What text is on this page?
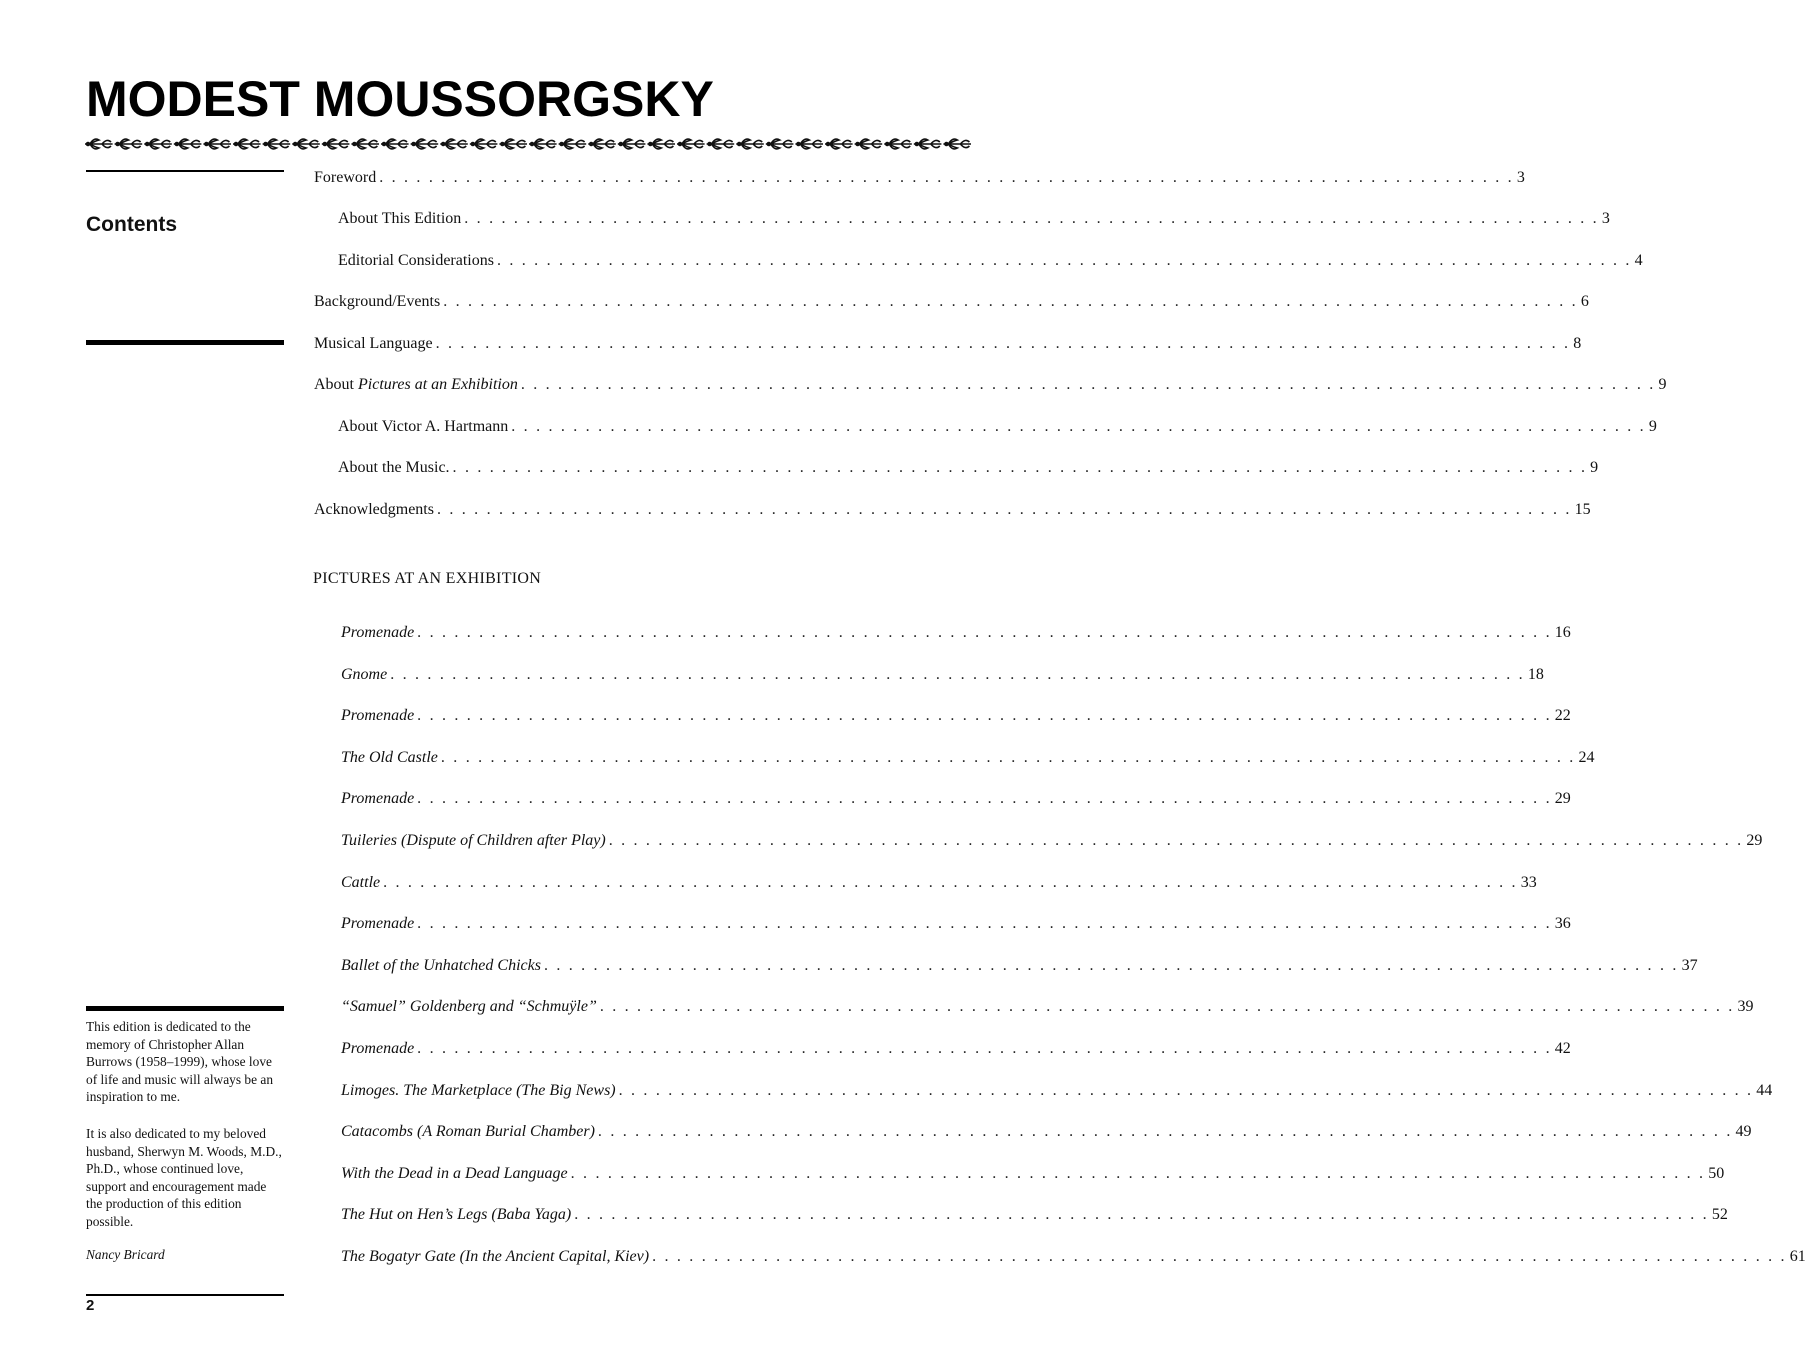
MODEST MOUSSORGSKY
Contents
Foreword . . . . . . . . . . . . . . . . . . . . . . . . . . . . . . . . . . . . . . . . . . . . . . . . . . . . . . . . . . . . . . . . . . . . . . . . . . . . . . . . . . . . . . . . . . . . 3
About This Edition . . . . . . . . . . . . . . . . . . . . . . . . . . . . . . . . . . . . . . . . . . . . . . . . . . . . . . . . . . . . . . . . . . . . . . . . . . . . . . . . . . . . . . . . . . . . 3
Editorial Considerations . . . . . . . . . . . . . . . . . . . . . . . . . . . . . . . . . . . . . . . . . . . . . . . . . . . . . . . . . . . . . . . . . . . . . . . . . . . . . . . . . . . . . . . . . . . . 4
Background/Events . . . . . . . . . . . . . . . . . . . . . . . . . . . . . . . . . . . . . . . . . . . . . . . . . . . . . . . . . . . . . . . . . . . . . . . . . . . . . . . . . . . . . . . . . . . . 6
Musical Language . . . . . . . . . . . . . . . . . . . . . . . . . . . . . . . . . . . . . . . . . . . . . . . . . . . . . . . . . . . . . . . . . . . . . . . . . . . . . . . . . . . . . . . . . . . . 8
About Pictures at an Exhibition . . . . . . . . . . . . . . . . . . . . . . . . . . . . . . . . . . . . . . . . . . . . . . . . . . . . . . . . . . . . . . . . . . . . . . . . . . . . . . . . . . . . . . . . . . . . 9
About Victor A. Hartmann . . . . . . . . . . . . . . . . . . . . . . . . . . . . . . . . . . . . . . . . . . . . . . . . . . . . . . . . . . . . . . . . . . . . . . . . . . . . . . . . . . . . . . . . . . . . 9
About the Music. . . . . . . . . . . . . . . . . . . . . . . . . . . . . . . . . . . . . . . . . . . . . . . . . . . . . . . . . . . . . . . . . . . . . . . . . . . . . . . . . . . . . . . . . . . . . 9
Acknowledgments . . . . . . . . . . . . . . . . . . . . . . . . . . . . . . . . . . . . . . . . . . . . . . . . . . . . . . . . . . . . . . . . . . . . . . . . . . . . . . . . . . . . . . . . . . . . 15
PICTURES AT AN EXHIBITION
Promenade . . . . . . . . . . . . . . . . . . . . . . . . . . . . . . . . . . . . . . . . . . . . . . . . . . . . . . . . . . . . . . . . . . . . . . . . . . . . . . . . . . . . . . . . . . . . 16
Gnome . . . . . . . . . . . . . . . . . . . . . . . . . . . . . . . . . . . . . . . . . . . . . . . . . . . . . . . . . . . . . . . . . . . . . . . . . . . . . . . . . . . . . . . . . . . . 18
Promenade . . . . . . . . . . . . . . . . . . . . . . . . . . . . . . . . . . . . . . . . . . . . . . . . . . . . . . . . . . . . . . . . . . . . . . . . . . . . . . . . . . . . . . . . . . . . 22
The Old Castle . . . . . . . . . . . . . . . . . . . . . . . . . . . . . . . . . . . . . . . . . . . . . . . . . . . . . . . . . . . . . . . . . . . . . . . . . . . . . . . . . . . . . . . . . . . . 24
Promenade . . . . . . . . . . . . . . . . . . . . . . . . . . . . . . . . . . . . . . . . . . . . . . . . . . . . . . . . . . . . . . . . . . . . . . . . . . . . . . . . . . . . . . . . . . . . 29
Tuileries (Dispute of Children after Play) . . . . . . . . . . . . . . . . . . . . . . . . . . . . . . . . . . . . . . . . . . . . . . . . . . . . . . . . . . . . . . . . . . . . . . . . . . . . . . . . . . . . . . . . . . . . 29
Cattle . . . . . . . . . . . . . . . . . . . . . . . . . . . . . . . . . . . . . . . . . . . . . . . . . . . . . . . . . . . . . . . . . . . . . . . . . . . . . . . . . . . . . . . . . . . . 33
Promenade . . . . . . . . . . . . . . . . . . . . . . . . . . . . . . . . . . . . . . . . . . . . . . . . . . . . . . . . . . . . . . . . . . . . . . . . . . . . . . . . . . . . . . . . . . . . 36
Ballet of the Unhatched Chicks . . . . . . . . . . . . . . . . . . . . . . . . . . . . . . . . . . . . . . . . . . . . . . . . . . . . . . . . . . . . . . . . . . . . . . . . . . . . . . . . . . . . . . . . . . . . 37
“Samuel” Goldenberg and “Schmuÿle” . . . . . . . . . . . . . . . . . . . . . . . . . . . . . . . . . . . . . . . . . . . . . . . . . . . . . . . . . . . . . . . . . . . . . . . . . . . . . . . . . . . . . . . . . . . . 39
Promenade . . . . . . . . . . . . . . . . . . . . . . . . . . . . . . . . . . . . . . . . . . . . . . . . . . . . . . . . . . . . . . . . . . . . . . . . . . . . . . . . . . . . . . . . . . . . 42
Limoges. The Marketplace (The Big News) . . . . . . . . . . . . . . . . . . . . . . . . . . . . . . . . . . . . . . . . . . . . . . . . . . . . . . . . . . . . . . . . . . . . . . . . . . . . . . . . . . . . . . . . . . . . 44
Catacombs (A Roman Burial Chamber) . . . . . . . . . . . . . . . . . . . . . . . . . . . . . . . . . . . . . . . . . . . . . . . . . . . . . . . . . . . . . . . . . . . . . . . . . . . . . . . . . . . . . . . . . . . . 49
With the Dead in a Dead Language . . . . . . . . . . . . . . . . . . . . . . . . . . . . . . . . . . . . . . . . . . . . . . . . . . . . . . . . . . . . . . . . . . . . . . . . . . . . . . . . . . . . . . . . . . . . 50
The Hut on Hen’s Legs (Baba Yaga) . . . . . . . . . . . . . . . . . . . . . . . . . . . . . . . . . . . . . . . . . . . . . . . . . . . . . . . . . . . . . . . . . . . . . . . . . . . . . . . . . . . . . . . . . . . . 52
The Bogatyr Gate (In the Ancient Capital, Kiev) . . . . . . . . . . . . . . . . . . . . . . . . . . . . . . . . . . . . . . . . . . . . . . . . . . . . . . . . . . . . . . . . . . . . . . . . . . . . . . . . . . . . . . . . . . . . 61
This edition is dedicated to the memory of Christopher Allan Burrows (1958–1999), whose love of life and music will always be an inspiration to me.
It is also dedicated to my beloved husband, Sherwyn M. Woods, M.D., Ph.D., whose continued love, support and encouragement made the production of this edition possible.
Nancy Bricard
2
